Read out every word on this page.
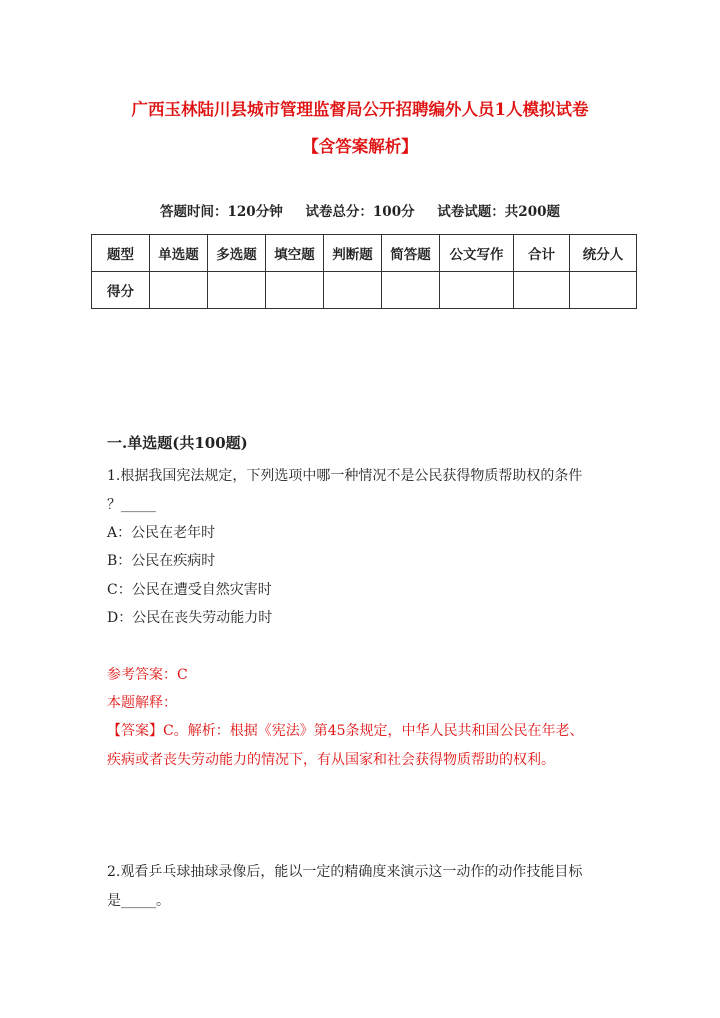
广西玉林陆川县城市管理监督局公开招聘编外人员1人模拟试卷
【含答案解析】
答题时间：120分钟 试卷总分：100分 试卷试题：共200题
题型	单选题	多选题	填空题	判断题	简答题	公文写作	合计	统分人
得分								
一.单选题(共100题)
1.根据我国宪法规定，下列选项中哪一种情况不是公民获得物质帮助权的条件
？_____
A：公民在老年时
B：公民在疾病时
C：公民在遭受自然灾害时
D：公民在丧失劳动能力时
参考答案：C
本题解释：
【答案】C。解析：根据《宪法》第45条规定，中华人民共和国公民在年老、
疾病或者丧失劳动能力的情况下，有从国家和社会获得物质帮助的权利。
2.观看乒乓球抽球录像后，能以一定的精确度来演示这一动作的动作技能目标
是_____。
